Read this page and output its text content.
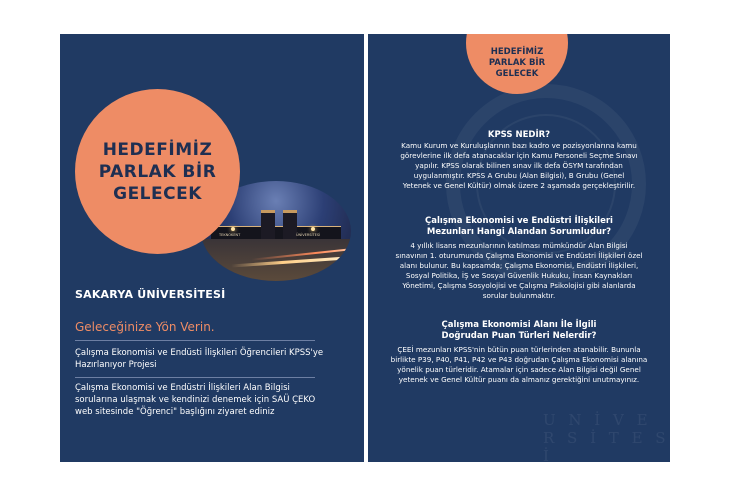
TEKNOKENT	ÜNİVERSİTESİ
HEDEFİMİZ PARLAK BİR GELECEK
SAKARYA ÜNİVERSİTESİ
Geleceğinize Yön Verin.
Çalışma Ekonomisi ve Endüsti İlişkileri Öğrencileri KPSS'ye Hazırlanıyor Projesi
Çalışma Ekonomisi ve Endüstri İlişkileri Alan Bilgisi sorularına ulaşmak ve kendinizi denemek için SAÜ ÇEKO web sitesinde "Öğrenci" başlığını ziyaret ediniz	U N İ V E R S İ T E S İ
HEDEFİMİZ PARLAK BİR GELECEK
KPSS NEDİR?
Kamu Kurum ve Kuruluşlarının bazı kadro ve pozisyonlarına kamu görevlerine ilk defa atanacaklar için Kamu Personeli Seçme Sınavı yapılır. KPSS olarak bilinen sınav ilk defa ÖSYM tarafından uygulanmıştır. KPSS A Grubu (Alan Bilgisi), B Grubu (Genel Yetenek ve Genel Kültür) olmak üzere 2 aşamada gerçekleştirilir.
Çalışma Ekonomisi ve Endüstri İlişkileri Mezunları Hangi Alandan Sorumludur?
4 yıllık lisans mezunlarının katılması mümkündür Alan Bilgisi sınavının 1. oturumunda Çalışma Ekonomisi ve Endüstri İlişkileri özel alanı bulunur. Bu kapsamda; Çalışma Ekonomisi, Endüstri İlişkileri, Sosyal Politika, İŞ ve Sosyal Güvenlik Hukuku, İnsan Kaynakları Yönetimi, Çalışma Sosyolojisi ve Çalışma Psikolojisi gibi alanlarda sorular bulunmaktır.
Çalışma Ekonomisi Alanı İle İlgili Doğrudan Puan Türleri Nelerdir?
ÇEEİ mezunları KPSS'nin bütün puan türlerinden atanabilir. Bununla birlikte P39, P40, P41, P42 ve P43 doğrudan Çalışma Ekonomisi alanına yönelik puan türleridir. Atamalar için sadece Alan Bilgisi değil Genel yetenek ve Genel Kültür puanı da almanız gerektiğini unutmayınız.
